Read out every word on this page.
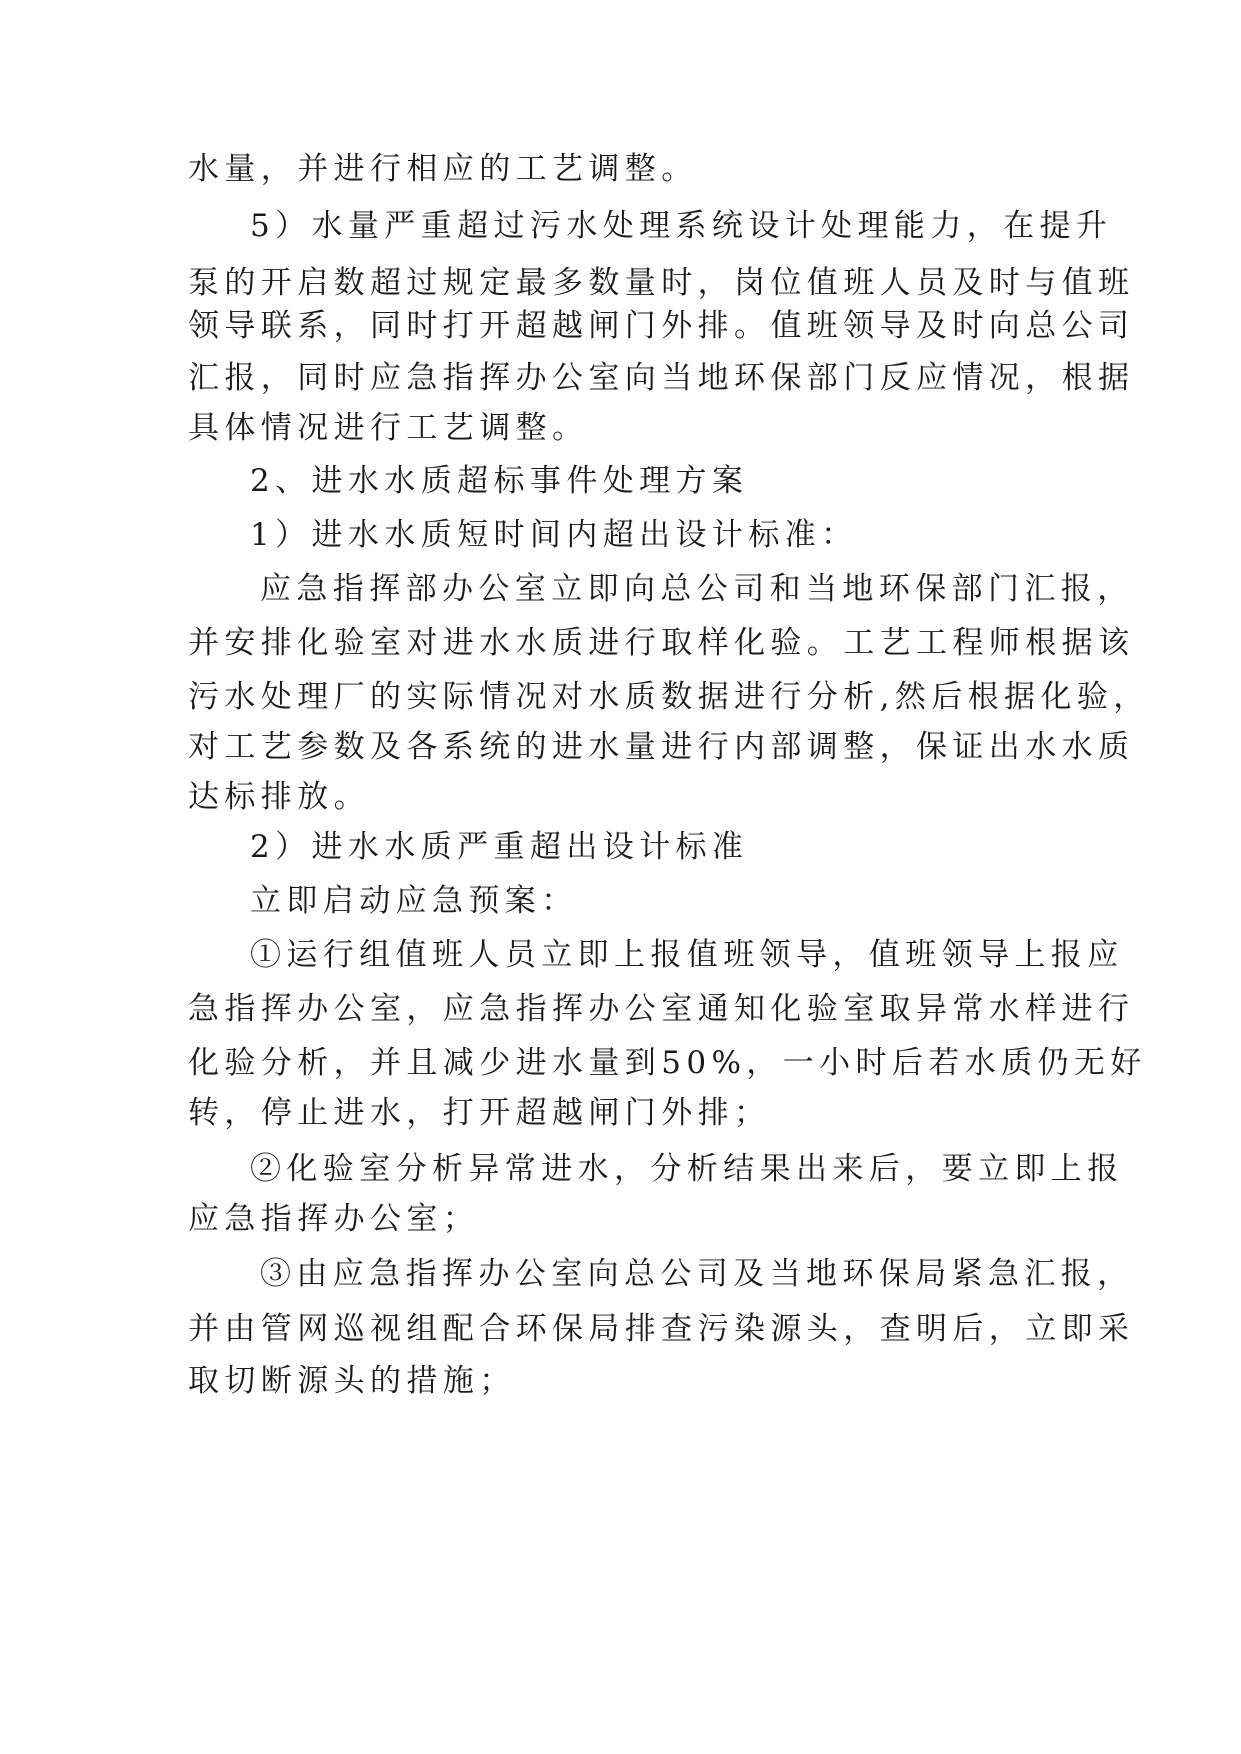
水量，并进行相应的工艺调整。

5）水量严重超过污水处理系统设计处理能力，在提升

泵的开启数超过规定最多数量时，岗位值班人员及时与值班

领导联系，同时打开超越闸门外排。值班领导及时向总公司

汇报，同时应急指挥办公室向当地环保部门反应情况，根据

具体情况进行工艺调整。

2、进水水质超标事件处理方案

1）进水水质短时间内超出设计标准：

应急指挥部办公室立即向总公司和当地环保部门汇报，

并安排化验室对进水水质进行取样化验。工艺工程师根据该

污水处理厂的实际情况对水质数据进行分析,然后根据化验，

对工艺参数及各系统的进水量进行内部调整，保证出水水质

达标排放。

2）进水水质严重超出设计标准

立即启动应急预案：

①运行组值班人员立即上报值班领导，值班领导上报应

急指挥办公室，应急指挥办公室通知化验室取异常水样进行

化验分析，并且减少进水量到50%，一小时后若水质仍无好

转，停止进水，打开超越闸门外排；

②化验室分析异常进水，分析结果出来后，要立即上报

应急指挥办公室；

③由应急指挥办公室向总公司及当地环保局紧急汇报，

并由管网巡视组配合环保局排查污染源头，查明后，立即采

取切断源头的措施；
